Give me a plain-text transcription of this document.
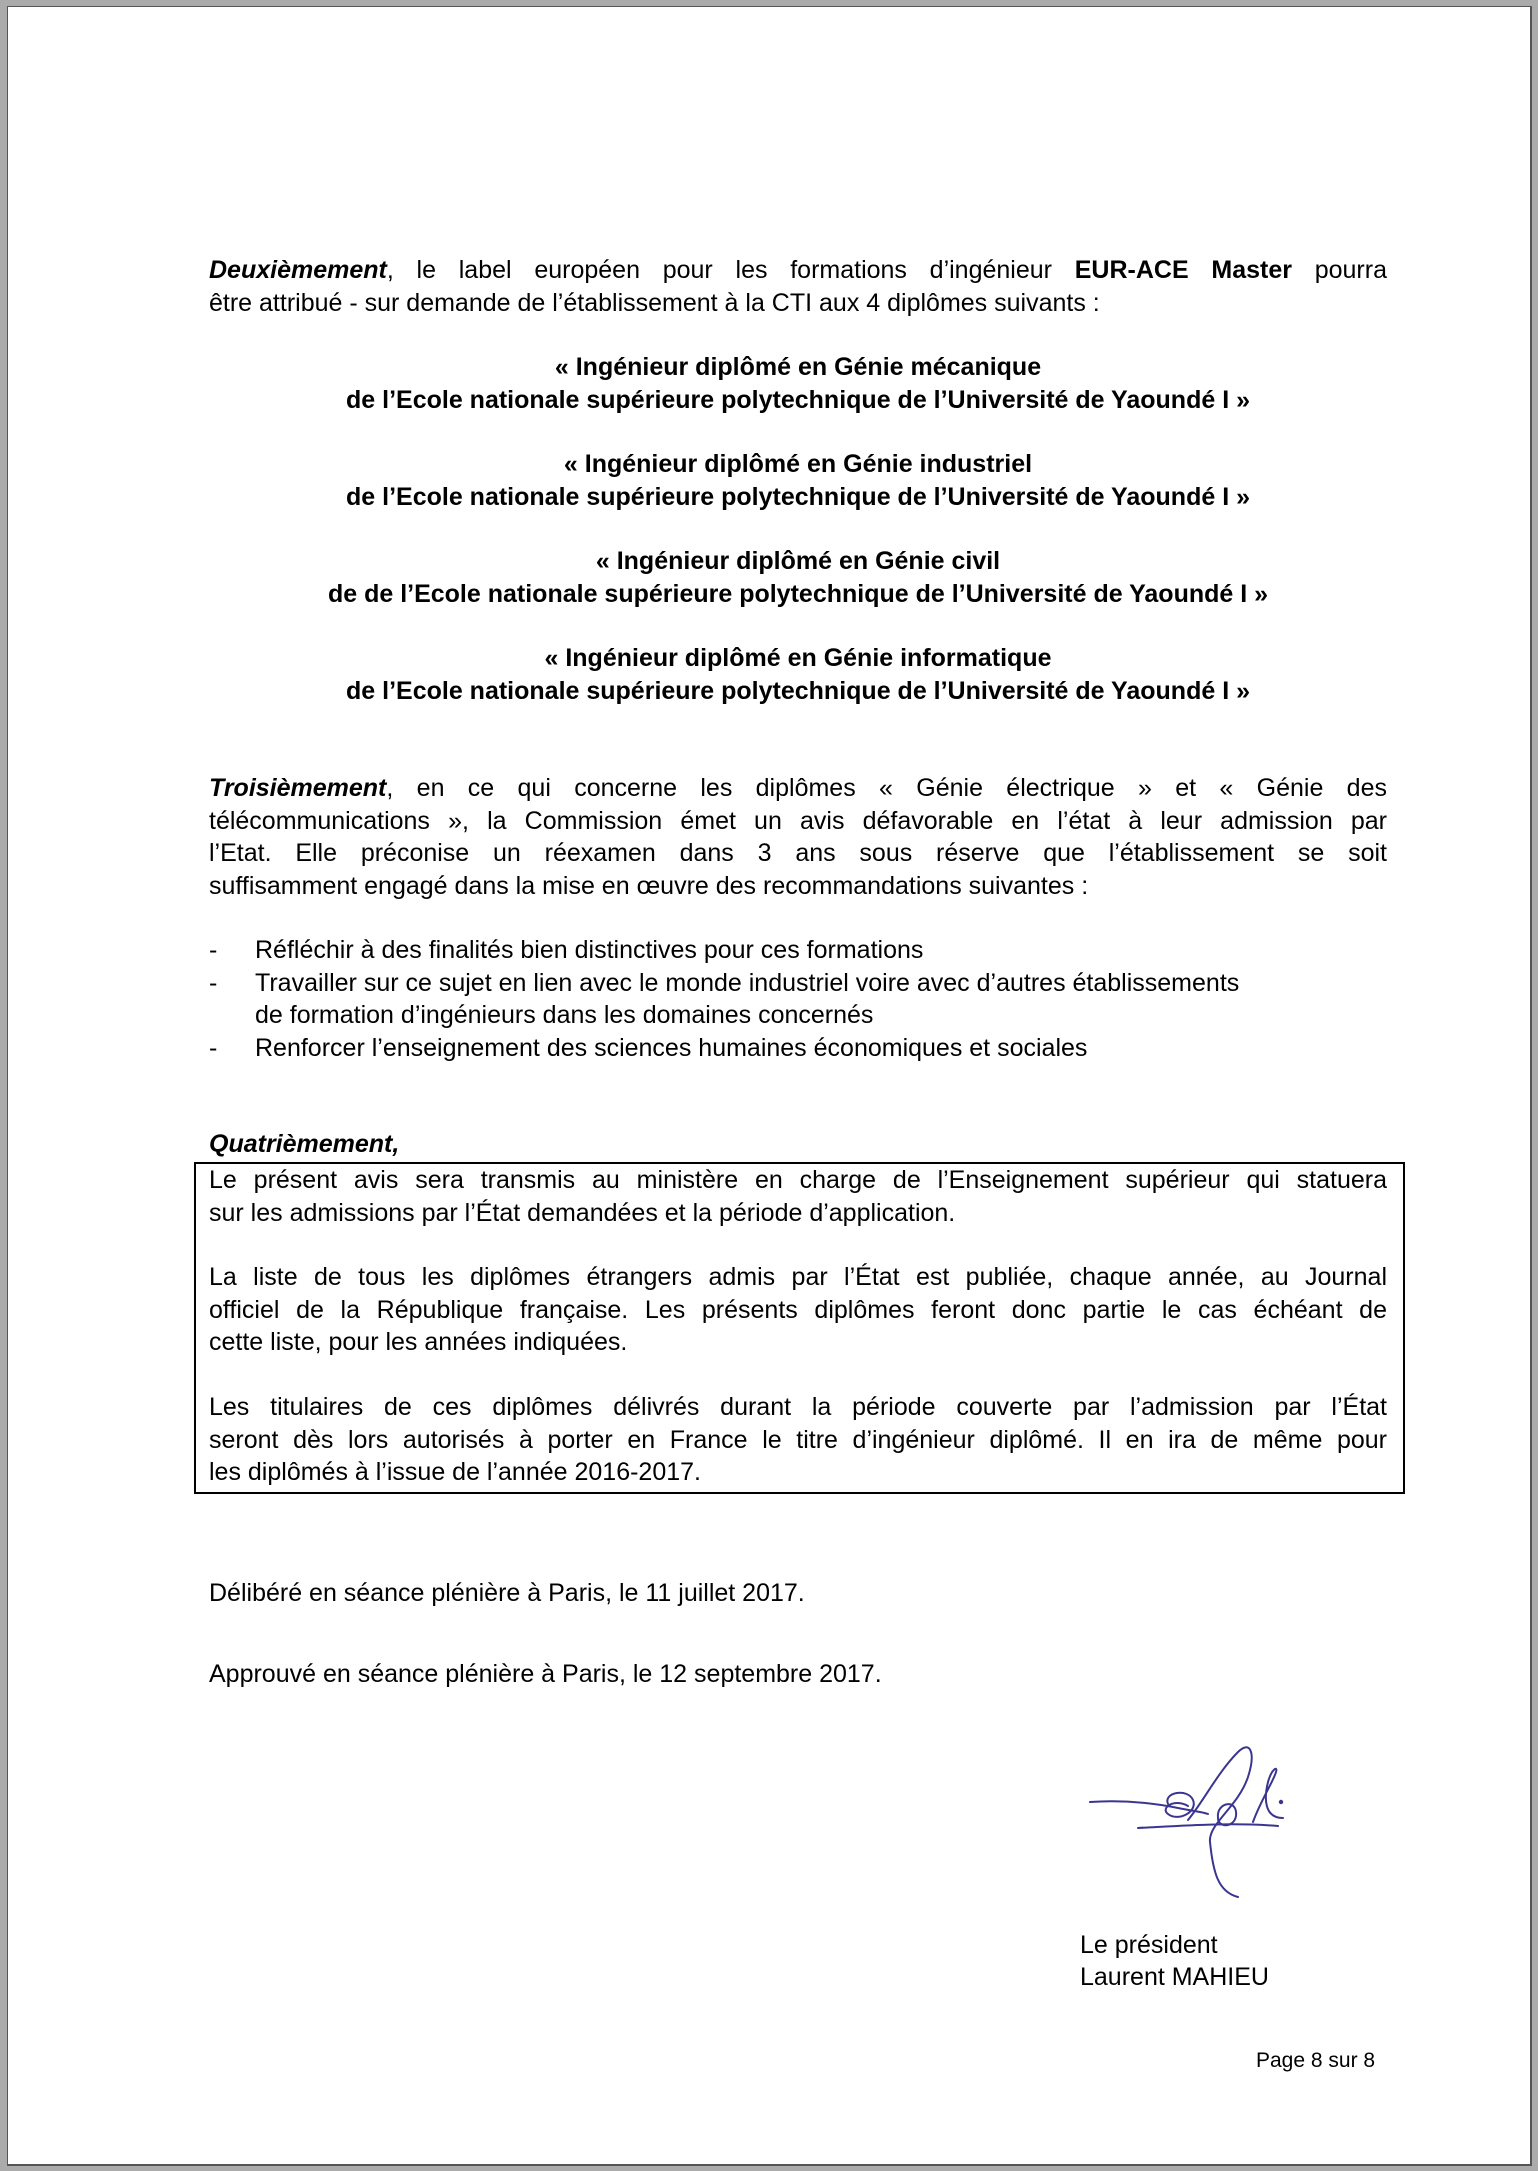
Deuxièmement, le label européen pour les formations d’ingénieur EUR-ACE Master pourra
être attribué - sur demande de l’établissement à la CTI aux 4 diplômes suivants :
« Ingénieur diplômé en Génie mécanique
de l’Ecole nationale supérieure polytechnique de l’Université de Yaoundé I »
« Ingénieur diplômé en Génie industriel
de l’Ecole nationale supérieure polytechnique de l’Université de Yaoundé I »
« Ingénieur diplômé en Génie civil
de de l’Ecole nationale supérieure polytechnique de l’Université de Yaoundé I »
« Ingénieur diplômé en Génie informatique
de l’Ecole nationale supérieure polytechnique de l’Université de Yaoundé I »
Troisièmement, en ce qui concerne les diplômes « Génie électrique » et « Génie des
télécommunications », la Commission émet un avis défavorable en l’état à leur admission par
l’Etat. Elle préconise un réexamen dans 3 ans sous réserve que l’établissement se soit
suffisamment engagé dans la mise en œuvre des recommandations suivantes :
- Réfléchir à des finalités bien distinctives pour ces formations
- Travailler sur ce sujet en lien avec le monde industriel voire avec d’autres établissements
de formation d’ingénieurs dans les domaines concernés
- Renforcer l’enseignement des sciences humaines économiques et sociales
Quatrièmement,
Le présent avis sera transmis au ministère en charge de l’Enseignement supérieur qui statuera
sur les admissions par l’État demandées et la période d’application.
La liste de tous les diplômes étrangers admis par l’État est publiée, chaque année, au Journal
officiel de la République française. Les présents diplômes feront donc partie le cas échéant de
cette liste, pour les années indiquées.
Les titulaires de ces diplômes délivrés durant la période couverte par l’admission par l’État
seront dès lors autorisés à porter en France le titre d’ingénieur diplômé. Il en ira de même pour
les diplômés à l’issue de l’année 2016-2017.
Délibéré en séance plénière à Paris, le 11 juillet 2017.
Approuvé en séance plénière à Paris, le 12 septembre 2017.
Le président
Laurent MAHIEU
Page 8 sur 8
